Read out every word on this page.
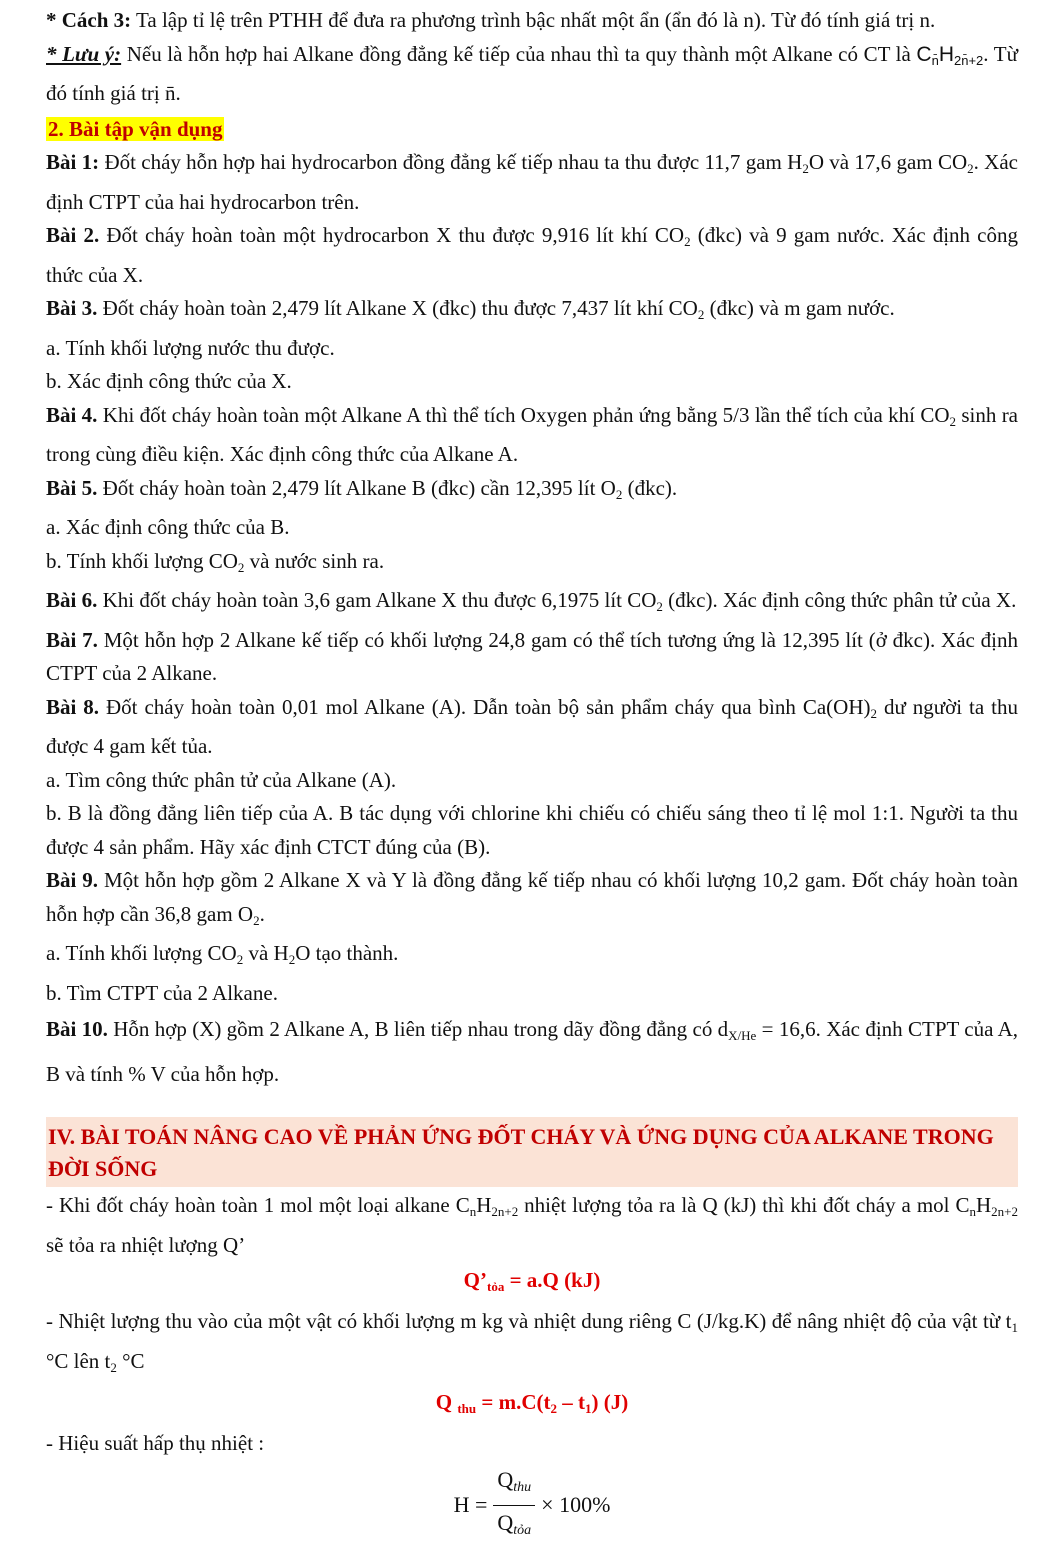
* Cách 3: Ta lập tỉ lệ trên PTHH để đưa ra phương trình bậc nhất một ẩn (ẩn đó là n). Từ đó tính giá trị n.

* Lưu ý: Nếu là hỗn hợp hai Alkane đồng đẳng kế tiếp của nhau thì ta quy thành một Alkane có CT là $C_{n̄}H_{2n̄+2}$. Từ đó tính giá trị n̄.

2. Bài tập vận dụng

Bài 1: Đốt cháy hỗn hợp hai hydrocarbon đồng đẳng kế tiếp nhau ta thu được 11,7 gam $H_2O$ và 17,6 gam $CO_2$. Xác định CTPT của hai hydrocarbon trên.

Bài 2. Đốt cháy hoàn toàn một hydrocarbon X thu được 9,916 lít khí $CO_2$ (đkc) và 9 gam nước. Xác định công thức của X.

Bài 3. Đốt cháy hoàn toàn 2,479 lít Alkane X (đkc) thu được 7,437 lít khí $CO_2$ (đkc) và m gam nước.

a. Tính khối lượng nước thu được.

b. Xác định công thức của X.

Bài 4. Khi đốt cháy hoàn toàn một Alkane A thì thể tích Oxygen phản ứng bằng 5/3 lần thể tích của khí $CO_2$ sinh ra trong cùng điều kiện. Xác định công thức của Alkane A.

Bài 5. Đốt cháy hoàn toàn 2,479 lít Alkane B (đkc) cần 12,395 lít $O_2$ (đkc).

a. Xác định công thức của B.

b. Tính khối lượng $CO_2$ và nước sinh ra.

Bài 6. Khi đốt cháy hoàn toàn 3,6 gam Alkane X thu được 6,1975 lít $CO_2$ (đkc). Xác định công thức phân tử của X.

Bài 7. Một hỗn hợp 2 Alkane kế tiếp có khối lượng 24,8 gam có thể tích tương ứng là 12,395 lít (ở đkc). Xác định CTPT của 2 Alkane.

Bài 8. Đốt cháy hoàn toàn 0,01 mol Alkane (A). Dẫn toàn bộ sản phẩm cháy qua bình $Ca(OH)_2$ dư người ta thu được 4 gam kết tủa.

a. Tìm công thức phân tử của Alkane (A).

b. B là đồng đẳng liên tiếp của A. B tác dụng với chlorine khi chiếu có chiếu sáng theo tỉ lệ mol 1:1. Người ta thu được 4 sản phẩm. Hãy xác định CTCT đúng của (B).

Bài 9. Một hỗn hợp gồm 2 Alkane X và Y là đồng đẳng kế tiếp nhau có khối lượng 10,2 gam. Đốt cháy hoàn toàn hỗn hợp cần 36,8 gam $O_2$.

a. Tính khối lượng $CO_2$ và $H_2O$ tạo thành.

b. Tìm CTPT của 2 Alkane.

Bài 10. Hỗn hợp (X) gồm 2 Alkane A, B liên tiếp nhau trong dãy đồng đẳng có $d_{X/He} = 16,6$. Xác định CTPT của A, B và tính % V của hỗn hợp.

IV. BÀI TOÁN NÂNG CAO VỀ PHẢN ỨNG ĐỐT CHÁY VÀ ỨNG DỤNG CỦA ALKANE TRONG ĐỜI SỐNG

- Khi đốt cháy hoàn toàn 1 mol một loại alkane $C_nH_{2n+2}$ nhiệt lượng tỏa ra là Q (kJ) thì khi đốt cháy a mol $C_nH_{2n+2}$ sẽ tỏa ra nhiệt lượng Q’

$Q’_{tỏa} = a.Q$ (kJ)

- Nhiệt lượng thu vào của một vật có khối lượng m kg và nhiệt dung riêng C (J/kg.K) để nâng nhiệt độ của vật từ $t_1$ °C lên $t_2$ °C

Q $_{thu} = m.C(t_2 - t_1)$ (J)

- Hiệu suất hấp thụ nhiệt :

$H = \frac{\text{Qthu}}{\text{Qtỏa}} \times 100\%$
